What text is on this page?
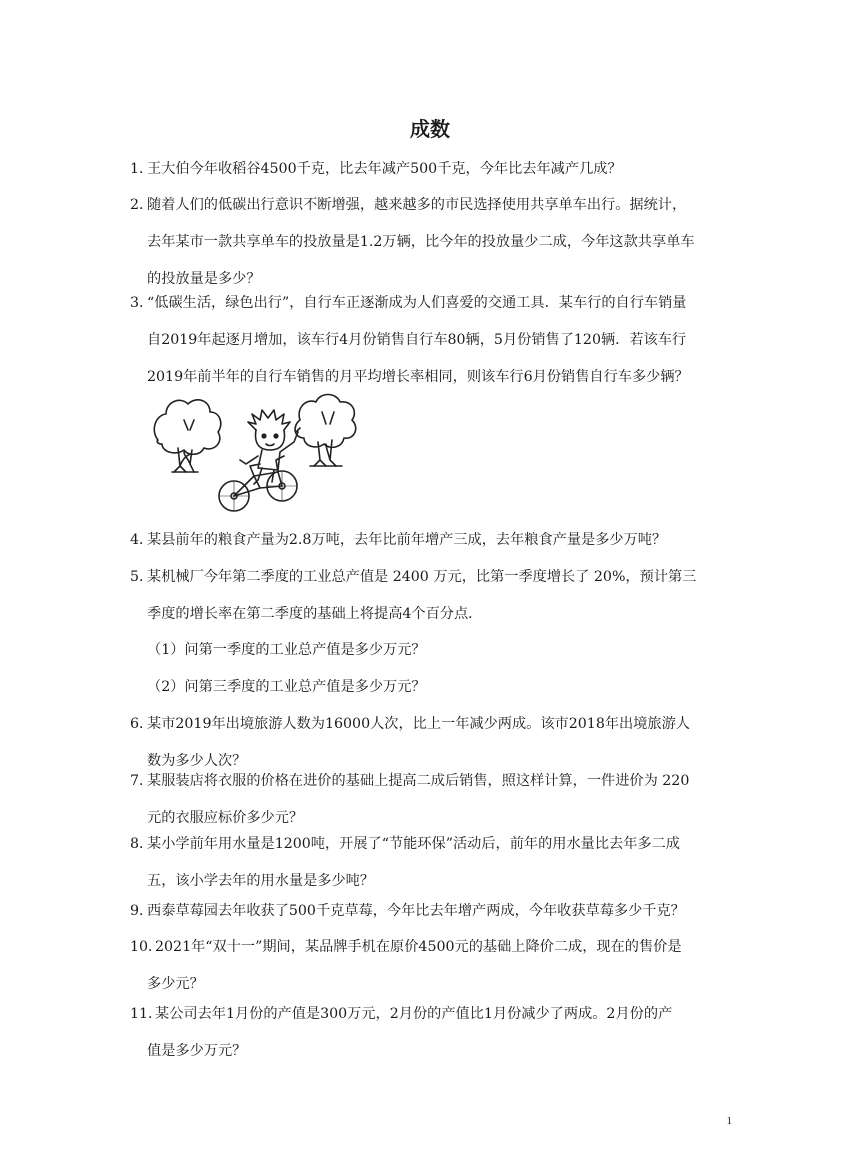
成数
1．王大伯今年收稻谷4500千克，比去年减产500千克，今年比去年减产几成？
2．随着人们的低碳出行意识不断增强，越来越多的市民选择使用共享单车出行。据统计，
去年某市一款共享单车的投放量是1.2万辆，比今年的投放量少二成，今年这款共享单车
的投放量是多少？
3．“低碳生活，绿色出行”，自行车正逐渐成为人们喜爱的交通工具．某车行的自行车销量
自2019年起逐月增加，该车行4月份销售自行车80辆，5月份销售了120辆．若该车行
2019年前半年的自行车销售的月平均增长率相同，则该车行6月份销售自行车多少辆？
4．某县前年的粮食产量为2.8万吨，去年比前年增产三成，去年粮食产量是多少万吨？
5．某机械厂今年第二季度的工业总产值是 2400 万元，比第一季度增长了 20%，预计第三
季度的增长率在第二季度的基础上将提高4个百分点．
（1）问第一季度的工业总产值是多少万元？
（2）问第三季度的工业总产值是多少万元？
6．某市2019年出境旅游人数为16000人次，比上一年减少两成。该市2018年出境旅游人
数为多少人次？
7．某服装店将衣服的价格在进价的基础上提高二成后销售，照这样计算，一件进价为 220
元的衣服应标价多少元？
8．某小学前年用水量是1200吨，开展了“节能环保”活动后，前年的用水量比去年多二成
五，该小学去年的用水量是多少吨？
9．西泰草莓园去年收获了500千克草莓，今年比去年增产两成，今年收获草莓多少千克？
10．2021年“双十一”期间，某品牌手机在原价4500元的基础上降价二成，现在的售价是
多少元？
11．某公司去年1月份的产值是300万元，2月份的产值比1月份减少了两成。2月份的产
值是多少万元？
1
